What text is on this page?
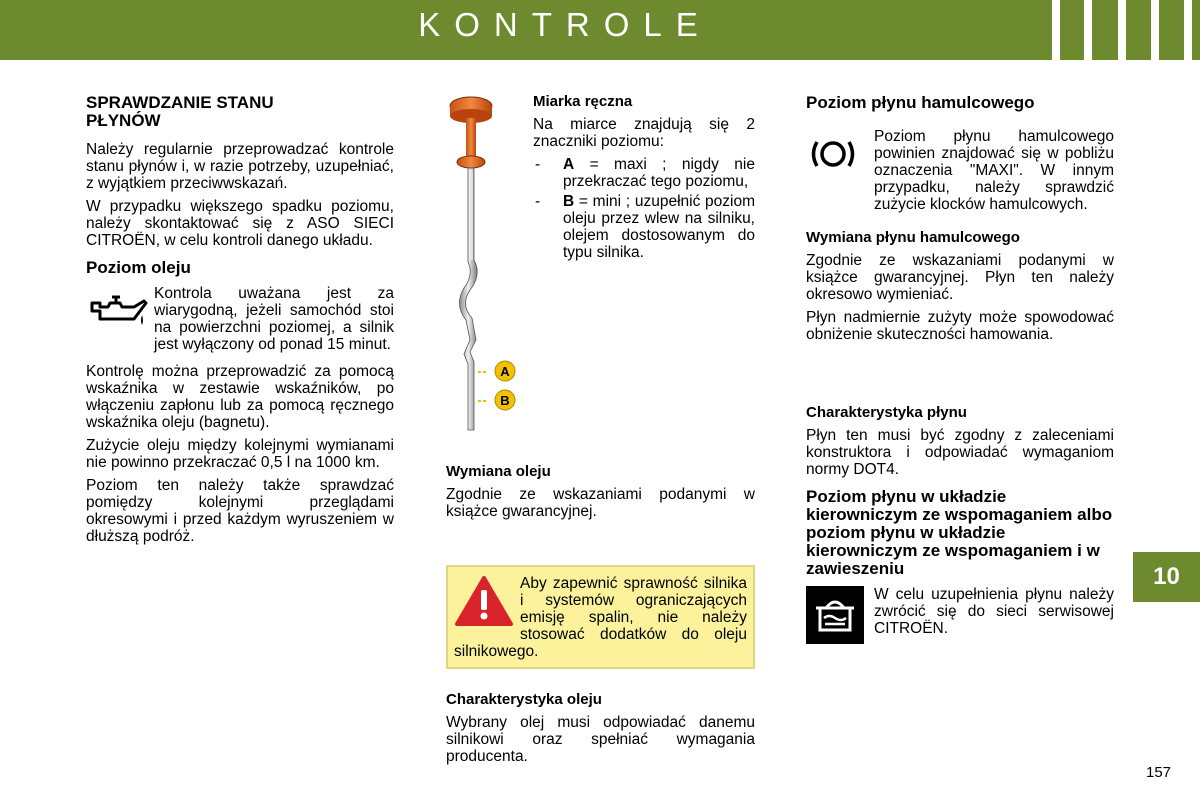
KONTROLE
SPRAWDZANIE STANU PŁYNÓW

Należy regularnie przeprowadzać kontrole stanu płynów i, w razie potrzeby, uzupełniać, z wyjątkiem przeciwwskazań.

W przypadku większego spadku poziomu, należy skontaktować się z ASO SIECI CITROËN, w celu kontroli danego układu.

Poziom oleju

Kontrola uważana jest za wiarygodną, jeżeli samochód stoi na powierzchni poziomej, a silnik jest wyłączony od ponad 15 minut.

Kontrolę można przeprowadzić za pomocą wskaźnika w zestawie wskaźników, po włączeniu zapłonu lub za pomocą ręcznego wskaźnika oleju (bagnetu).

Zużycie oleju między kolejnymi wymianami nie powinno przekraczać 0,5 l na 1000 km.

Poziom ten należy także sprawdzać pomiędzy kolejnymi przeglądami okresowymi i przed każdym wyruszeniem w dłuższą podróż.

A
B
Miarka ręczna

Na miarce znajdują się 2 znaczniki poziomu:

- A = maxi ; nigdy nie przekraczać tego poziomu,
- B = mini ; uzupełnić poziom oleju przez wlew na silniku, olejem dostosowanym do typu silnika.
Wymiana oleju

Zgodnie ze wskazaniami podanymi w książce gwarancyjnej.

Aby zapewnić sprawność silnika i systemów ograniczających emisję spalin, nie należy stosować dodatków do oleju silnikowego.

Charakterystyka oleju

Wybrany olej musi odpowiadać danemu silnikowi oraz spełniać wymagania producenta.

Poziom płynu hamulcowego

Poziom płynu hamulcowego powinien znajdować się w pobliżu oznaczenia "MAXI". W innym przypadku, należy sprawdzić zużycie klocków hamulcowych.

Wymiana płynu hamulcowego

Zgodnie ze wskazaniami podanymi w książce gwarancyjnej. Płyn ten należy okresowo wymieniać.

Płyn nadmiernie zużyty może spowodować obniżenie skuteczności hamowania.

Charakterystyka płynu

Płyn ten musi być zgodny z zaleceniami konstruktora i odpowiadać wymaganiom normy DOT4.

Poziom płynu w układzie kierowniczym ze wspomaganiem albo poziom płynu w układzie kierowniczym ze wspomaganiem i w zawieszeniu

W celu uzupełnienia płynu należy zwrócić się do sieci serwisowej CITROËN.

10
157
